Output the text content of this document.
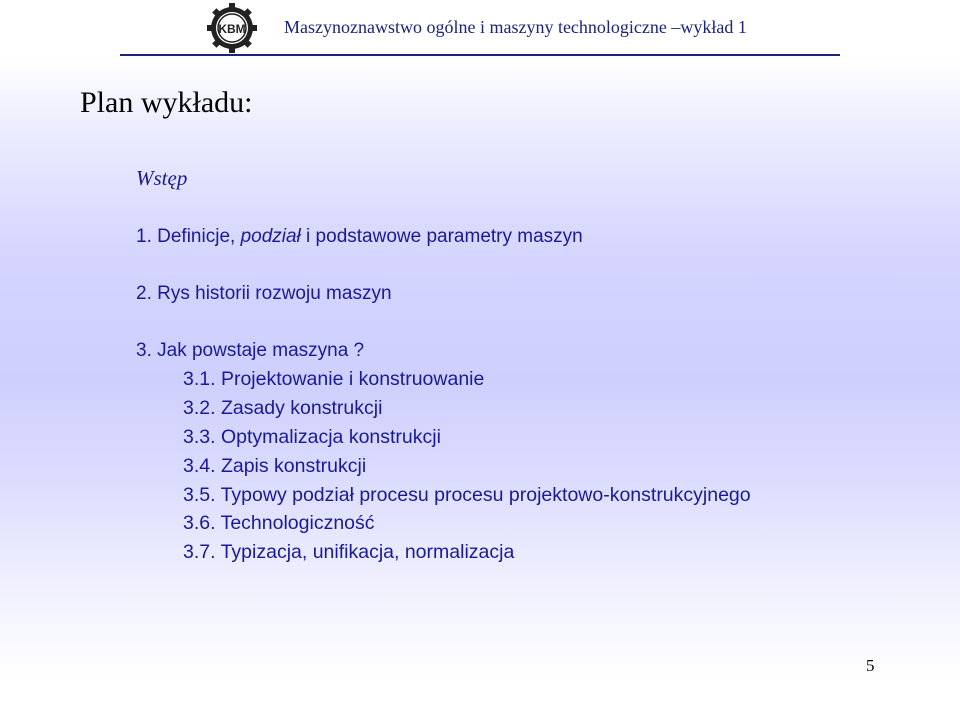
KBM Maszynoznawstwo ogólne i maszyny technologiczne –wykład 1
Plan wykładu:
Wstęp
1. Definicje, podział i podstawowe parametry maszyn
2. Rys historii rozwoju maszyn
3. Jak powstaje maszyna ?
3.1. Projektowanie i konstruowanie
3.2. Zasady konstrukcji
3.3. Optymalizacja konstrukcji
3.4. Zapis konstrukcji
3.5. Typowy podział procesu procesu projektowo-konstrukcyjnego
3.6. Technologiczność
3.7. Typizacja, unifikacja, normalizacja
5
